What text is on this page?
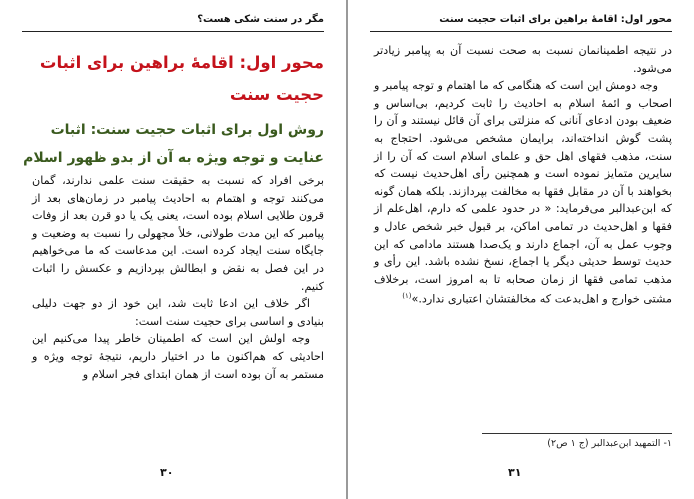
مگر در سنت شکی هست؟
محور اول: اقامۀ براهین برای اثبات
حجیت سنت
روش اول برای اثبات حجیت سنت: اثبات
عنایت و توجه ویژه به آن از بدو ظهور اسلام

برخی افراد که نسبت به حقیقت سنت علمی ندارند، گمان می‌کنند توجه و اهتمام به احادیث پیامبر در زمان‌های بعد از قرون طلایی اسلام بوده است، یعنی یک یا دو قرن بعد از وفات پیامبر که این مدت طولانی، خلأ مجهولی را نسبت به وضعیت و جایگاه سنت ایجاد کرده است. این مدعاست که ما می‌خواهیم در این فصل به نقض و ابطالش بپردازیم و عکسش را اثبات کنیم.

اگر خلاف این ادعا ثابت شد، این خود از دو جهت دلیلی بنیادی و اساسی برای حجیت سنت است:

وجه اولش این است که اطمینان خاطر پیدا می‌کنیم این احادیثی که هم‌اکنون ما در اختیار داریم، نتیجۀ توجه ویژه و مستمر به آن بوده است از همان ابتدای فجر اسلام و

۳۰
محور اول: اقامۀ براهین برای اثبات حجیت سنت

در نتیجه اطمینانمان نسبت به صحت نسبت آن به پیامبر زیادتر می‌شود.

وجه دومش این است که هنگامی که ما اهتمام و توجه پیامبر و اصحاب و ائمۀ اسلام به احادیث را ثابت کردیم، بی‌اساس و ضعیف بودن ادعای آنانی که منزلتی برای آن قائل نیستند و آن را پشت گوش انداخته‌اند، برایمان مشخص می‌شود. احتجاج به سنت، مذهب فقهای اهل حق و علمای اسلام است که آن را از سایرین متمایز نموده است و همچنین رأی اهل‌حدیث نیست که بخواهند با آن در مقابل فقها به مخالفت بپردازند. بلکه همان گونه که ابن‌عبدالبر می‌فرماید: « در حدود علمی که دارم، اهل‌علم از فقها و اهل‌حدیث در تمامی اماکن، بر قبول خبر شخص عادل و وجوب عمل به آن، اجماع دارند و یک‌صدا هستند مادامی که این حدیث توسط حدیثی دیگر یا اجماع، نسخ نشده باشد. این رأی و مذهب تمامی فقها از زمان صحابه تا به امروز است، برخلاف مشتی خوارج و اهل‌بدعت که مخالفتشان اعتباری ندارد.»$^{(۱)}$

۱- التمهید ابن‌عبدالبر (ج ۱ ص۲)
۳۱
